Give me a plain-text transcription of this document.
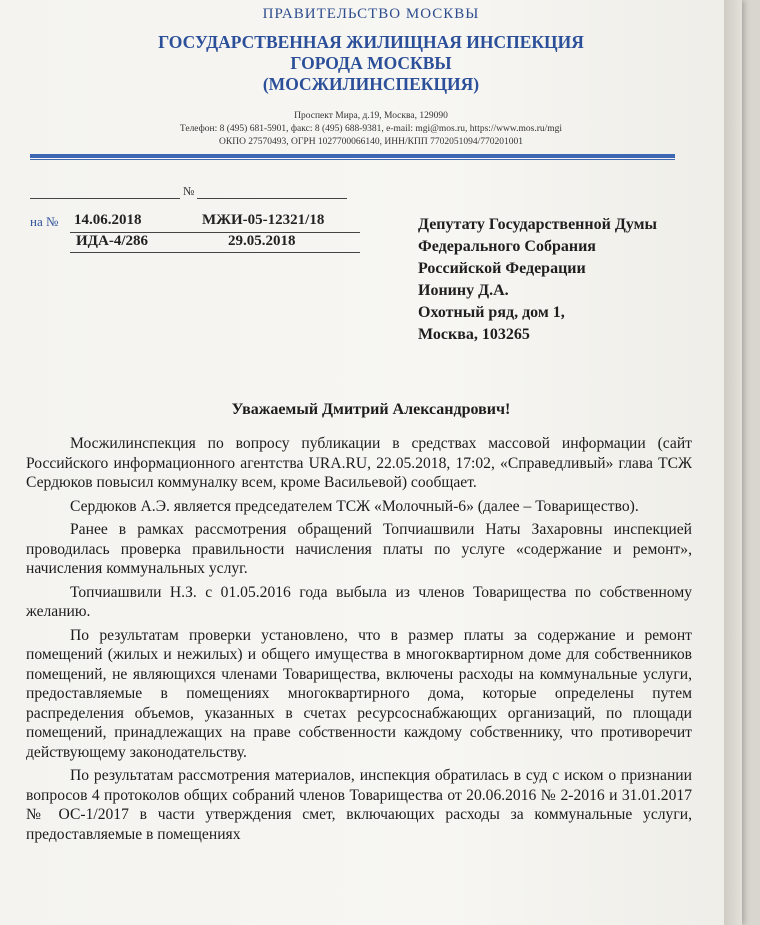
ПРАВИТЕЛЬСТВО МОСКВЫ
ГОСУДАРСТВЕННАЯ ЖИЛИЩНАЯ ИНСПЕКЦИЯ
ГОРОДА МОСКВЫ
(МОСЖИЛИНСПЕКЦИЯ)
Проспект Мира, д.19, Москва, 129090
Телефон: 8 (495) 681-5901, факс: 8 (495) 688-9381, e-mail: mgi@mos.ru, https://www.mos.ru/mgi
ОКПО 27570493, ОГРН 1027700066140, ИНН/КПП 7702051094/770201001
№
на № 14.06.2018	МЖИ-05-12321/18
ИДА-4/286	29.05.2018
Депутату Государственной Думы
Федерального Собрания
Российской Федерации
Ионину Д.А.
Охотный ряд, дом 1,
Москва, 103265
Уважаемый Дмитрий Александрович!

Мосжилинспекция по вопросу публикации в средствах массовой информации (сайт Российского информационного агентства URA.RU, 22.05.2018, 17:02, «Справедливый» глава ТСЖ Сердюков повысил коммуналку всем, кроме Васильевой) сообщает.

Сердюков А.Э. является председателем ТСЖ «Молочный-6» (далее – Товарищество).

Ранее в рамках рассмотрения обращений Топчиашвили Наты Захаровны инспекцией проводилась проверка правильности начисления платы по услуге «содержание и ремонт», начисления коммунальных услуг.

Топчиашвили Н.З. с 01.05.2016 года выбыла из членов Товарищества по собственному желанию.

По результатам проверки установлено, что в размер платы за содержание и ремонт помещений (жилых и нежилых) и общего имущества в многоквартирном доме для собственников помещений, не являющихся членами Товарищества, включены расходы на коммунальные услуги, предоставляемые в помещениях многоквартирного дома, которые определены путем распределения объемов, указанных в счетах ресурсоснабжающих организаций, по площади помещений, принадлежащих на праве собственности каждому собственнику, что противоречит действующему законодательству.

По результатам рассмотрения материалов, инспекция обратилась в суд с иском о признании вопросов 4 протоколов общих собраний членов Товарищества от 20.06.2016 № 2-2016 и 31.01.2017 № ОС-1/2017 в части утверждения смет, включающих расходы за коммунальные услуги, предоставляемые в помещениях
